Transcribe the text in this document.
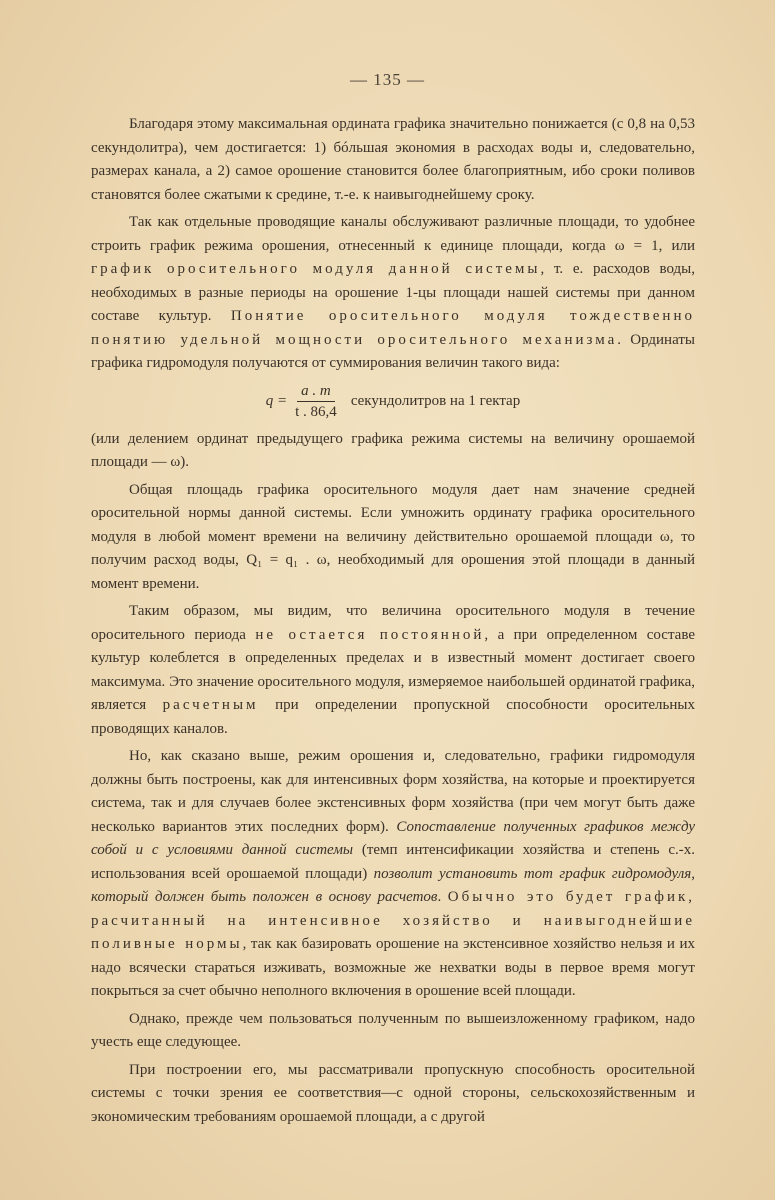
— 135 —

Благодаря этому максимальная ордината графика значительно понижается (с 0,8 на 0,53 секундолитра), чем достигается: 1) бóльшая экономия в расходах воды и, следовательно, размерах канала, а 2) самое орошение становится более благоприятным, ибо сроки поливов становятся более сжатыми к средине, т.-е. к наивыгоднейшему сроку.

Так как отдельные проводящие каналы обслуживают различные площади, то удобнее строить график режима орошения, отнесенный к единице площади, когда ω = 1, или график оросительного модуля данной системы, т. е. расходов воды, необходимых в разные периоды на орошение 1-цы площади нашей системы при данном составе культур. Понятие оросительного модуля тождественно понятию удельной мощности оросительного механизма. Ординаты графика гидромодуля получаются от суммирования величин такого вида:

$q = \frac{a . m}{t . 86,4}$ секундолитров на 1 гектар

(или делением ординат предыдущего графика режима системы на величину орошаемой площади — ω).

Общая площадь графика оросительного модуля дает нам значение средней оросительной нормы данной системы. Если умножить ординату графика оросительного модуля в любой момент времени на величину действительно орошаемой площади ω, то получим расход воды, Q₁ = q₁ . ω, необходимый для орошения этой площади в данный момент времени.

Таким образом, мы видим, что величина оросительного модуля в течение оросительного периода не остается постоянной, а при определенном составе культур колеблется в определенных пределах и в известный момент достигает своего максимума. Это значение оросительного модуля, измеряемое наибольшей ординатой графика, является расчетным при определении пропускной способности оросительных проводящих каналов.

Но, как сказано выше, режим орошения и, следовательно, графики гидромодуля должны быть построены, как для интенсивных форм хозяйства, на которые и проектируется система, так и для случаев более экстенсивных форм хозяйства (при чем могут быть даже несколько вариантов этих последних форм). Сопоставление полученных графиков между собой и с условиями данной системы (темп интенсификации хозяйства и степень с.-х. использования всей орошаемой площади) позволит установить тот график гидромодуля, который должен быть положен в основу расчетов. Обычно это будет график, расчитанный на интенсивное хозяйство и наивыгоднейшие поливные нормы, так как базировать орошение на экстенсивное хозяйство нельзя и их надо всячески стараться изживать, возможные же нехватки воды в первое время могут покрыться за счет обычно неполного включения в орошение всей площади.

Однако, прежде чем пользоваться полученным по вышеизложенному графиком, надо учесть еще следующее.

При построении его, мы рассматривали пропускную способность оросительной системы с точки зрения ее соответствия—с одной стороны, сельскохозяйственным и экономическим требованиям орошаемой площади, а с другой
